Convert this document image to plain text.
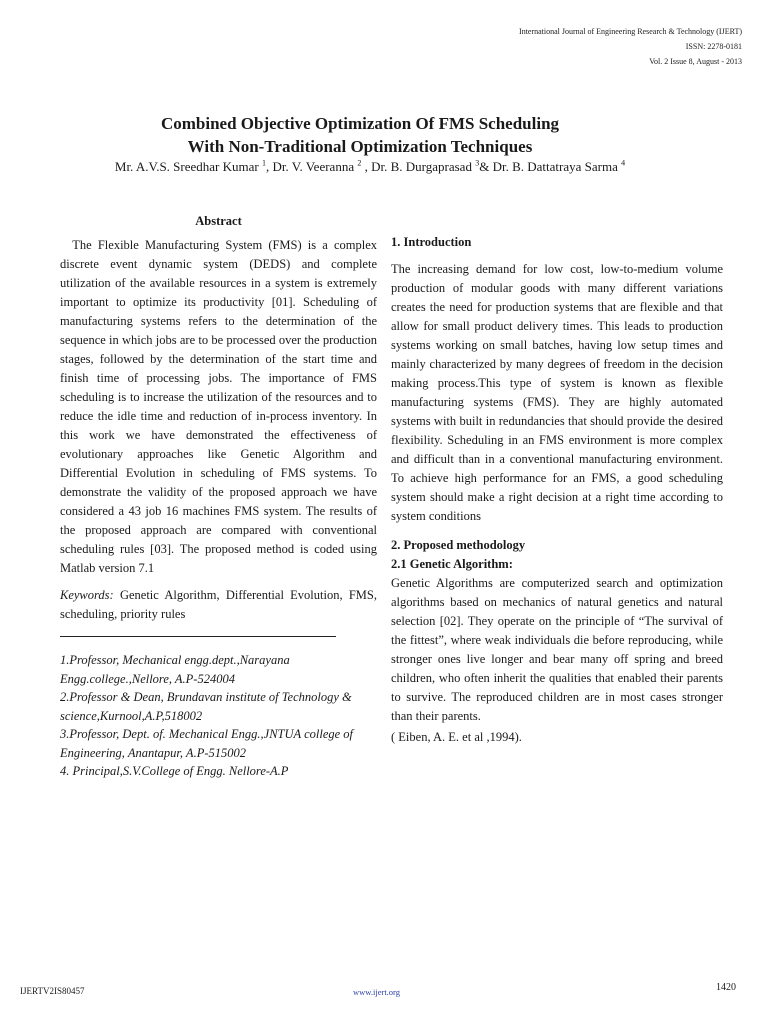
International Journal of Engineering Research & Technology (IJERT)
ISSN: 2278-0181
Vol. 2 Issue 8, August - 2013
Combined Objective Optimization Of FMS Scheduling
With Non-Traditional Optimization Techniques
Mr. A.V.S. Sreedhar Kumar $^1$, Dr. V. Veeranna $^2$ , Dr. B. Durgaprasad $^3$& Dr. B. Dattatraya Sarma $^4$
Abstract

The Flexible Manufacturing System (FMS) is a complex discrete event dynamic system (DEDS) and complete utilization of the available resources in a system is extremely important to optimize its productivity [01]. Scheduling of manufacturing systems refers to the determination of the sequence in which jobs are to be processed over the production stages, followed by the determination of the start time and finish time of processing jobs. The importance of FMS scheduling is to increase the utilization of the resources and to reduce the idle time and reduction of in-process inventory. In this work we have demonstrated the effectiveness of evolutionary approaches like Genetic Algorithm and Differential Evolution in scheduling of FMS systems. To demonstrate the validity of the proposed approach we have considered a 43 job 16 machines FMS system. The results of the proposed approach are compared with conventional scheduling rules [03]. The proposed method is coded using Matlab version 7.1

Keywords: Genetic Algorithm, Differential Evolution, FMS, scheduling, priority rules
1.Professor, Mechanical engg.dept.,Narayana Engg.college.,Nellore, A.P-524004
2.Professor & Dean, Brundavan institute of Technology & science,Kurnool,A.P,518002
3.Professor, Dept. of. Mechanical Engg.,JNTUA college of Engineering, Anantapur, A.P-515002
4. Principal,S.V.College of Engg. Nellore-A.P
1. Introduction

The increasing demand for low cost, low-to-medium volume production of modular goods with many different variations creates the need for production systems that are flexible and that allow for small product delivery times. This leads to production systems working on small batches, having low setup times and mainly characterized by many degrees of freedom in the decision making process.This type of system is known as flexible manufacturing systems (FMS). They are highly automated systems with built in redundancies that should provide the desired flexibility. Scheduling in an FMS environment is more complex and difficult than in a conventional manufacturing environment. To achieve high performance for an FMS, a good scheduling system should make a right decision at a right time according to system conditions

2. Proposed methodology
2.1 Genetic Algorithm:

Genetic Algorithms are computerized search and optimization algorithms based on mechanics of natural genetics and natural selection [02]. They operate on the principle of “The survival of the fittest”, where weak individuals die before reproducing, while stronger ones live longer and bear many off spring and breed children, who often inherit the qualities that enabled their parents to survive. The reproduced children are in most cases stronger than their parents.

( Eiben, A. E. et al ,1994).
IJERTV2IS80457	www.ijert.org	1420
